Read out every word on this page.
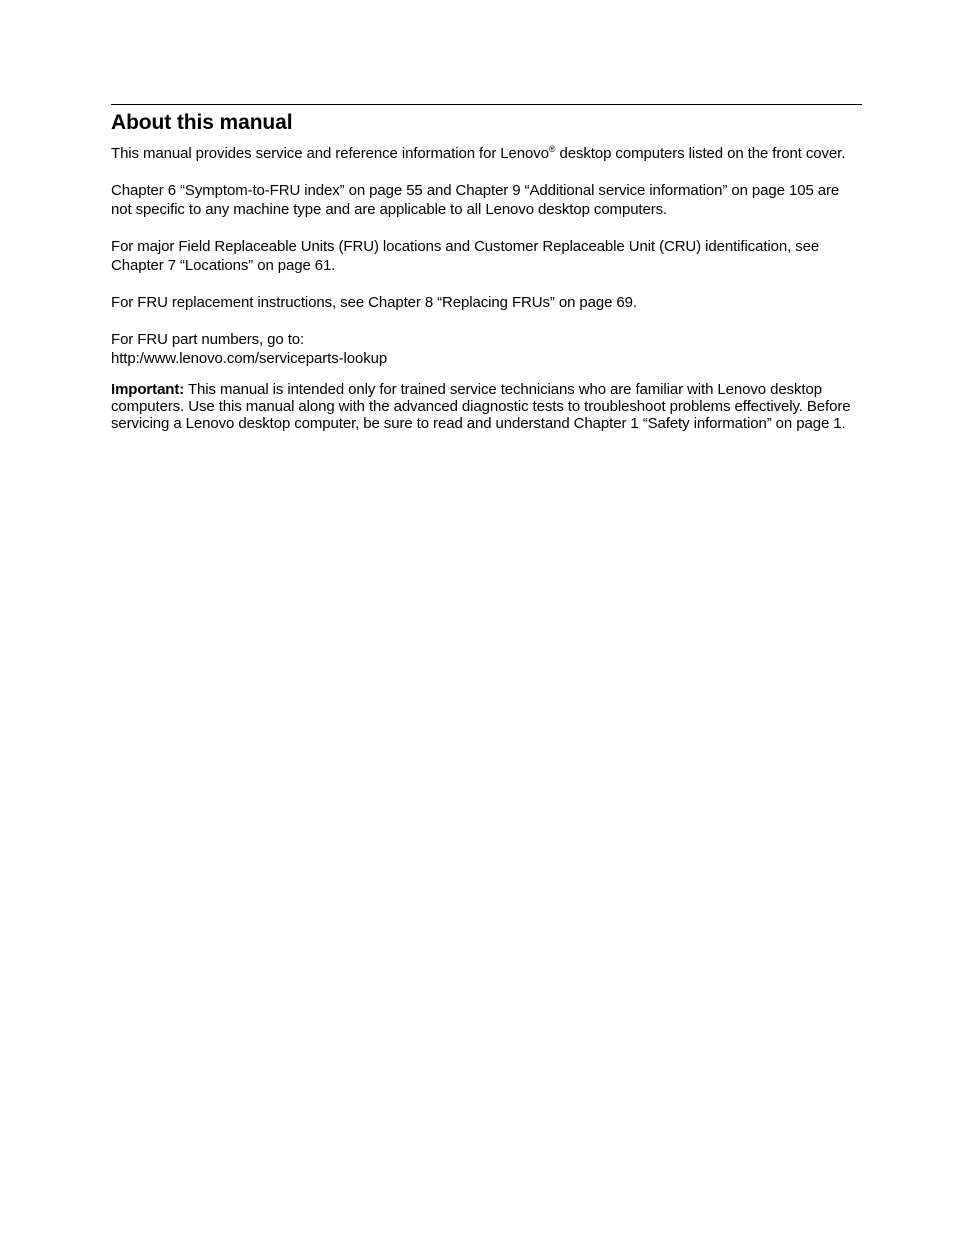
About this manual

This manual provides service and reference information for Lenovo® desktop computers listed on the front cover.

Chapter 6 “Symptom-to-FRU index” on page 55 and Chapter 9 “Additional service information” on page 105 are not specific to any machine type and are applicable to all Lenovo desktop computers.

For major Field Replaceable Units (FRU) locations and Customer Replaceable Unit (CRU) identification, see Chapter 7 “Locations” on page 61.

For FRU replacement instructions, see Chapter 8 “Replacing FRUs” on page 69.

For FRU part numbers, go to:
http:/www.lenovo.com/serviceparts-lookup

Important: This manual is intended only for trained service technicians who are familiar with Lenovo desktop computers. Use this manual along with the advanced diagnostic tests to troubleshoot problems effectively. Before servicing a Lenovo desktop computer, be sure to read and understand Chapter 1 “Safety information” on page 1.
